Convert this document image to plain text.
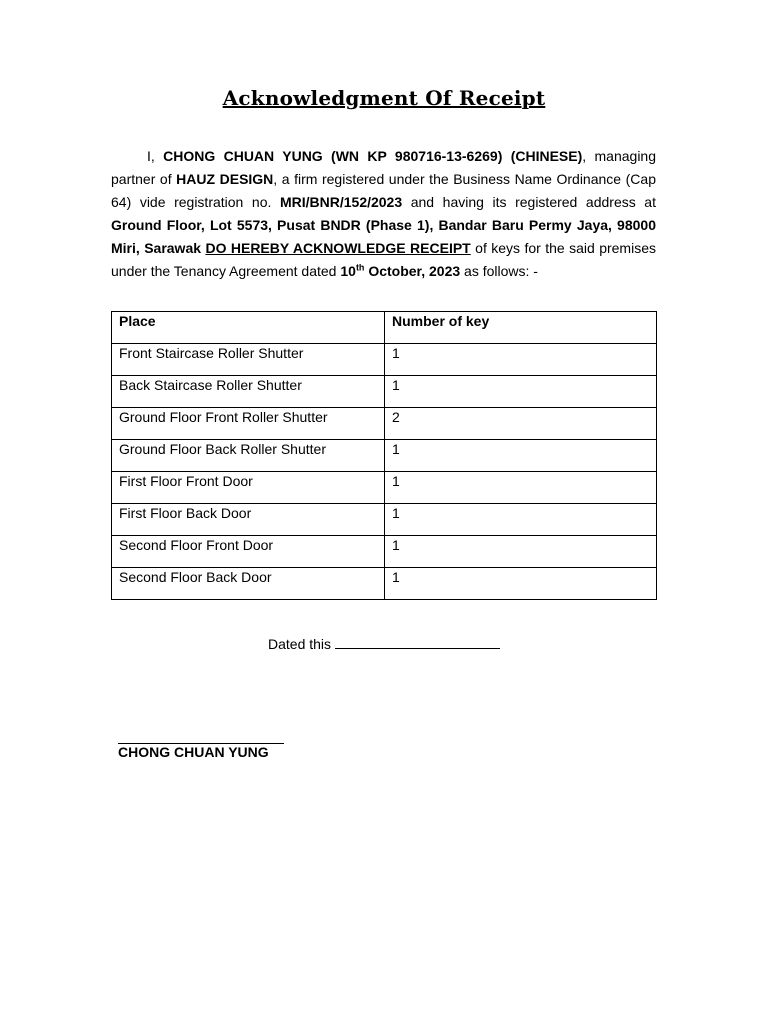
Acknowledgment Of Receipt

I, CHONG CHUAN YUNG (WN KP 980716-13-6269) (CHINESE), managing partner of HAUZ DESIGN, a firm registered under the Business Name Ordinance (Cap 64) vide registration no. MRI/BNR/152/2023 and having its registered address at Ground Floor, Lot 5573, Pusat BNDR (Phase 1), Bandar Baru Permy Jaya, 98000 Miri, Sarawak DO HEREBY ACKNOWLEDGE RECEIPT of keys for the said premises under the Tenancy Agreement dated 10th October, 2023 as follows: -

Place	Number of key
Front Staircase Roller Shutter	1
Back Staircase Roller Shutter	1
Ground Floor Front Roller Shutter	2
Ground Floor Back Roller Shutter	1
First Floor Front Door	1
First Floor Back Door	1
Second Floor Front Door	1
Second Floor Back Door	1
Dated this
CHONG CHUAN YUNG
